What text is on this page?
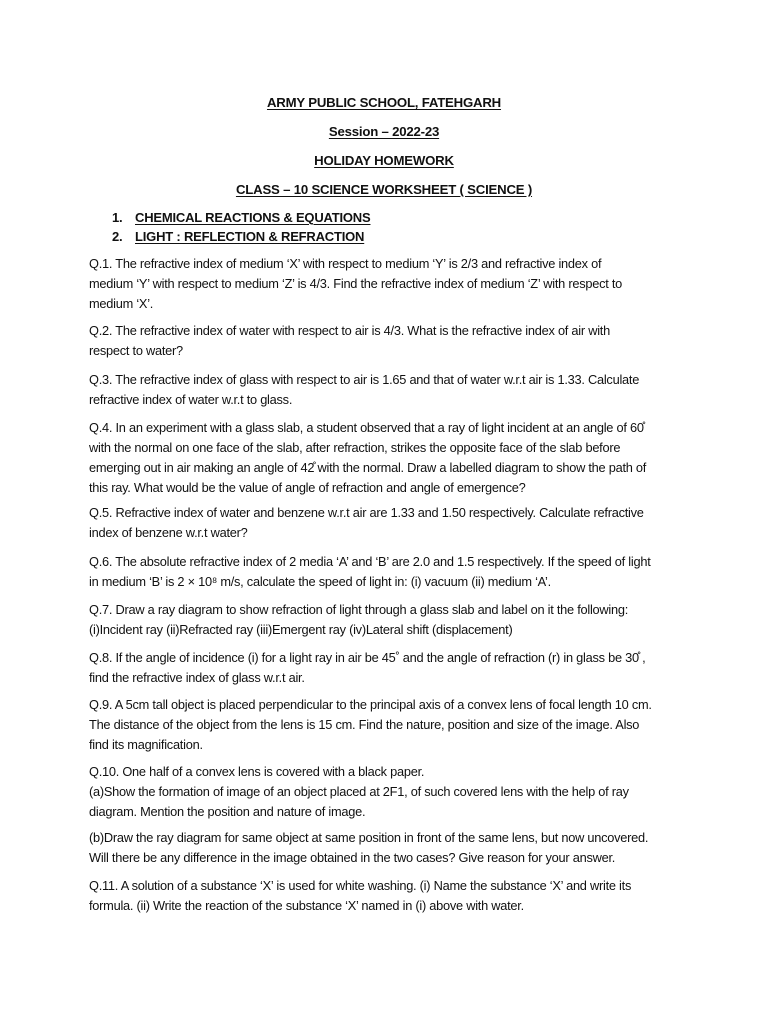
ARMY PUBLIC SCHOOL, FATEHGARH
Session – 2022-23
HOLIDAY HOMEWORK
CLASS – 10 SCIENCE WORKSHEET ( SCIENCE )
1. CHEMICAL REACTIONS & EQUATIONS
2. LIGHT : REFLECTION & REFRACTION
Q.1. The refractive index of medium ‘X’ with respect to medium ‘Y’ is 2/3 and refractive index of
medium ‘Y’ with respect to medium ‘Z’ is 4/3. Find the refractive index of medium ‘Z’ with respect to
medium ‘X’.
Q.2. The refractive index of water with respect to air is 4/3. What is the refractive index of air with
respect to water?
Q.3. The refractive index of glass with respect to air is 1.65 and that of water w.r.t air is 1.33. Calculate
refractive index of water w.r.t to glass.
Q.4. In an experiment with a glass slab, a student observed that a ray of light incident at an angle of 60̊
with the normal on one face of the slab, after refraction, strikes the opposite face of the slab before
emerging out in air making an angle of 42̊ with the normal. Draw a labelled diagram to show the path of
this ray. What would be the value of angle of refraction and angle of emergence?
Q.5. Refractive index of water and benzene w.r.t air are 1.33 and 1.50 respectively. Calculate refractive
index of benzene w.r.t water?
Q.6. The absolute refractive index of 2 media ‘A’ and ‘B’ are 2.0 and 1.5 respectively. If the speed of light
in medium ‘B’ is 2 × 10⁸ m/s, calculate the speed of light in: (i) vacuum (ii) medium ‘A’.
Q.7. Draw a ray diagram to show refraction of light through a glass slab and label on it the following:
(i)Incident ray (ii)Refracted ray (iii)Emergent ray (iv)Lateral shift (displacement)
Q.8. If the angle of incidence (i) for a light ray in air be 45˚ and the angle of refraction (r) in glass be 30̊ ,
find the refractive index of glass w.r.t air.
Q.9. A 5cm tall object is placed perpendicular to the principal axis of a convex lens of focal length 10 cm.
The distance of the object from the lens is 15 cm. Find the nature, position and size of the image. Also
find its magnification.
Q.10. One half of a convex lens is covered with a black paper.
(a)Show the formation of image of an object placed at 2F1, of such covered lens with the help of ray
diagram. Mention the position and nature of image.
(b)Draw the ray diagram for same object at same position in front of the same lens, but now uncovered.
Will there be any difference in the image obtained in the two cases? Give reason for your answer.
Q.11. A solution of a substance ‘X’ is used for white washing. (i) Name the substance ‘X’ and write its
formula. (ii) Write the reaction of the substance ‘X’ named in (i) above with water.
